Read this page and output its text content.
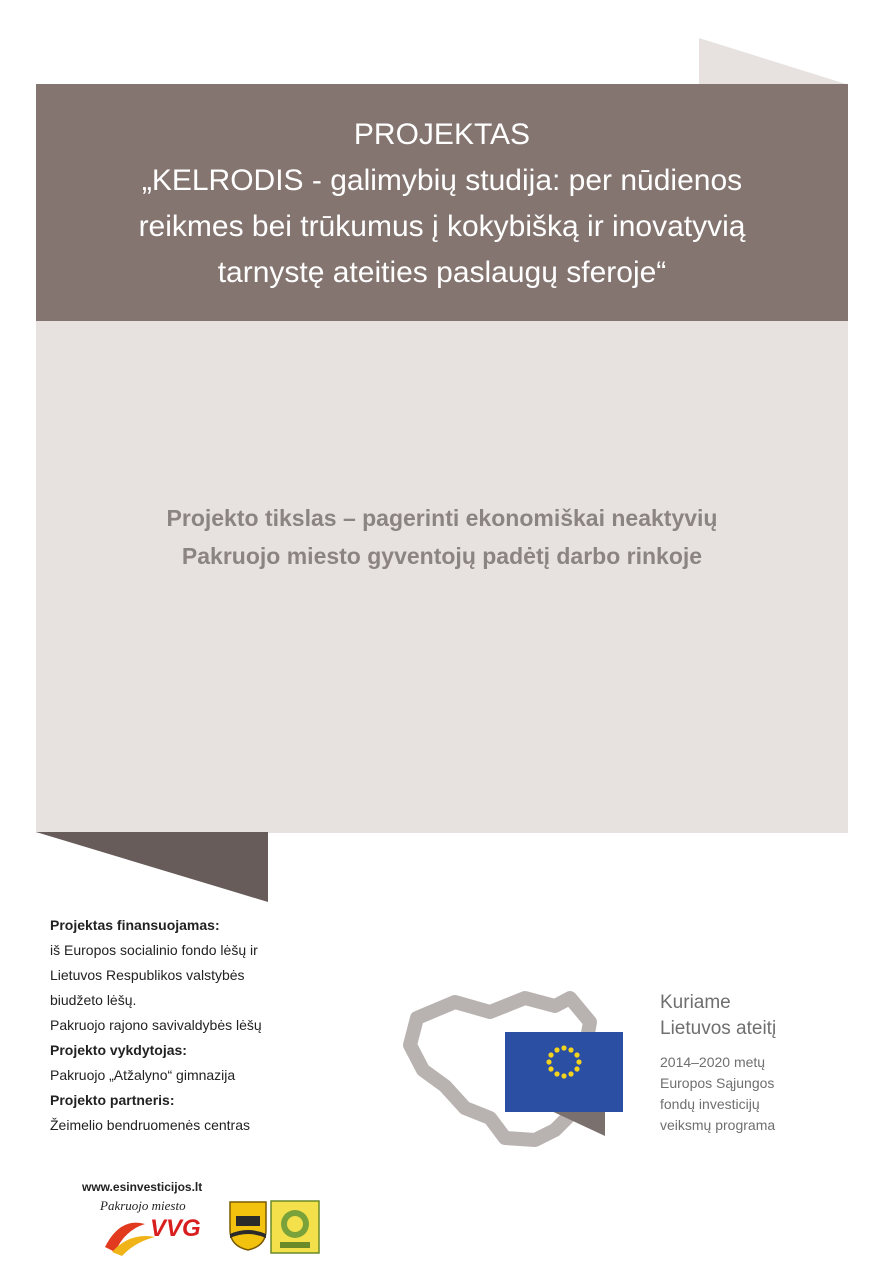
PROJEKTAS
„KELRODIS - galimybių studija: per nūdienos
reikmes bei trūkumus į kokybišką ir inovatyvią
tarnystę ateities paslaugų sferoje“
Projekto tikslas – pagerinti ekonomiškai neaktyvių
Pakruojo miesto gyventojų padėtį darbo rinkoje
Projektas finansuojamas:
iš Europos socialinio fondo lėšų ir
Lietuvos Respublikos valstybės
biudžeto lėšų.
Pakruojo rajono savivaldybės lėšų
Projekto vykdytojas:
Pakruojo „Atžalyno“ gimnazija
Projekto partneris:
Žeimelio bendruomenės centras
Kuriame
Lietuvos ateitį
2014–2020 metų
Europos Sąjungos
fondų investicijų
veiksmų programa
www.esinvesticijos.lt
Pakruojo miesto
VVG
